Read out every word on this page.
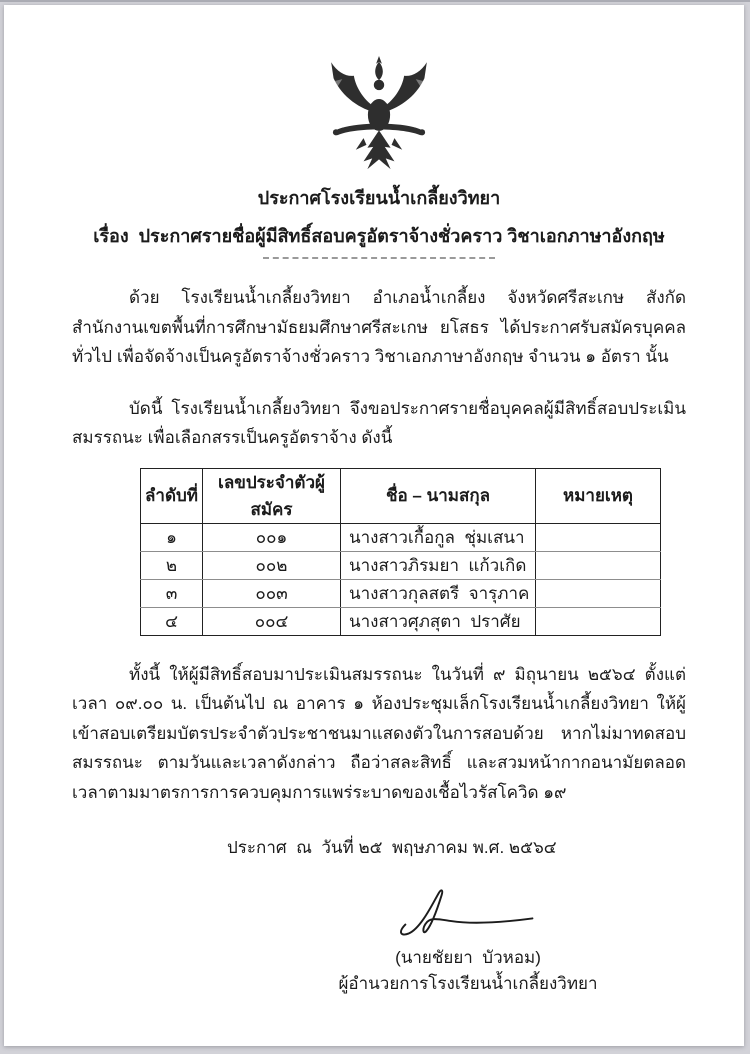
ประกาศโรงเรียนน้ำเกลี้ยงวิทยา
เรื่อง  ประกาศรายชื่อผู้มีสิทธิ์สอบครูอัตราจ้างชั่วคราว วิชาเอกภาษาอังกฤษ

ด้วย โรงเรียนน้ำเกลี้ยงวิทยา อำเภอน้ำเกลี้ยง จังหวัดศรีสะเกษ สังกัดสำนักงานเขตพื้นที่การศึกษามัธยมศึกษาศรีสะเกษ ยโสธร ได้ประกาศรับสมัครบุคคลทั่วไป เพื่อจัดจ้างเป็นครูอัตราจ้างชั่วคราว วิชาเอกภาษาอังกฤษ จำนวน ๑ อัตรา นั้น

บัดนี้ โรงเรียนน้ำเกลี้ยงวิทยา จึงขอประกาศรายชื่อบุคคลผู้มีสิทธิ์สอบประเมินสมรรถนะ เพื่อเลือกสรรเป็นครูอัตราจ้าง ดังนี้

ลำดับที่	เลขประจำตัวผู้สมัคร	ชื่อ – นามสกุล	หมายเหตุ
๑	๐๐๑	นางสาวเกื้อกูล  ชุ่มเสนา	
๒	๐๐๒	นางสาวภิรมยา  แก้วเกิด	
๓	๐๐๓	นางสาวกุลสตรี  จารุภาค	
๔	๐๐๔	นางสาวศุภสุตา  ปราศัย	

ทั้งนี้ ให้ผู้มีสิทธิ์สอบมาประเมินสมรรถนะ ในวันที่ ๙ มิถุนายน ๒๕๖๔ ตั้งแต่เวลา ๐๙.๐๐ น. เป็นต้นไป ณ อาคาร ๑ ห้องประชุมเล็กโรงเรียนน้ำเกลี้ยงวิทยา ให้ผู้เข้าสอบเตรียมบัตรประจำตัวประชาชนมาแสดงตัวในการสอบด้วย หากไม่มาทดสอบสมรรถนะ ตามวันและเวลาดังกล่าว ถือว่าสละสิทธิ์ และสวมหน้ากากอนามัยตลอดเวลาตามมาตรการการควบคุมการแพร่ระบาดของเชื้อไวรัสโควิด ๑๙

ประกาศ  ณ  วันที่ ๒๕  พฤษภาคม พ.ศ. ๒๕๖๔
(นายชัยยา  บัวหอม)
ผู้อำนวยการโรงเรียนน้ำเกลี้ยงวิทยา
